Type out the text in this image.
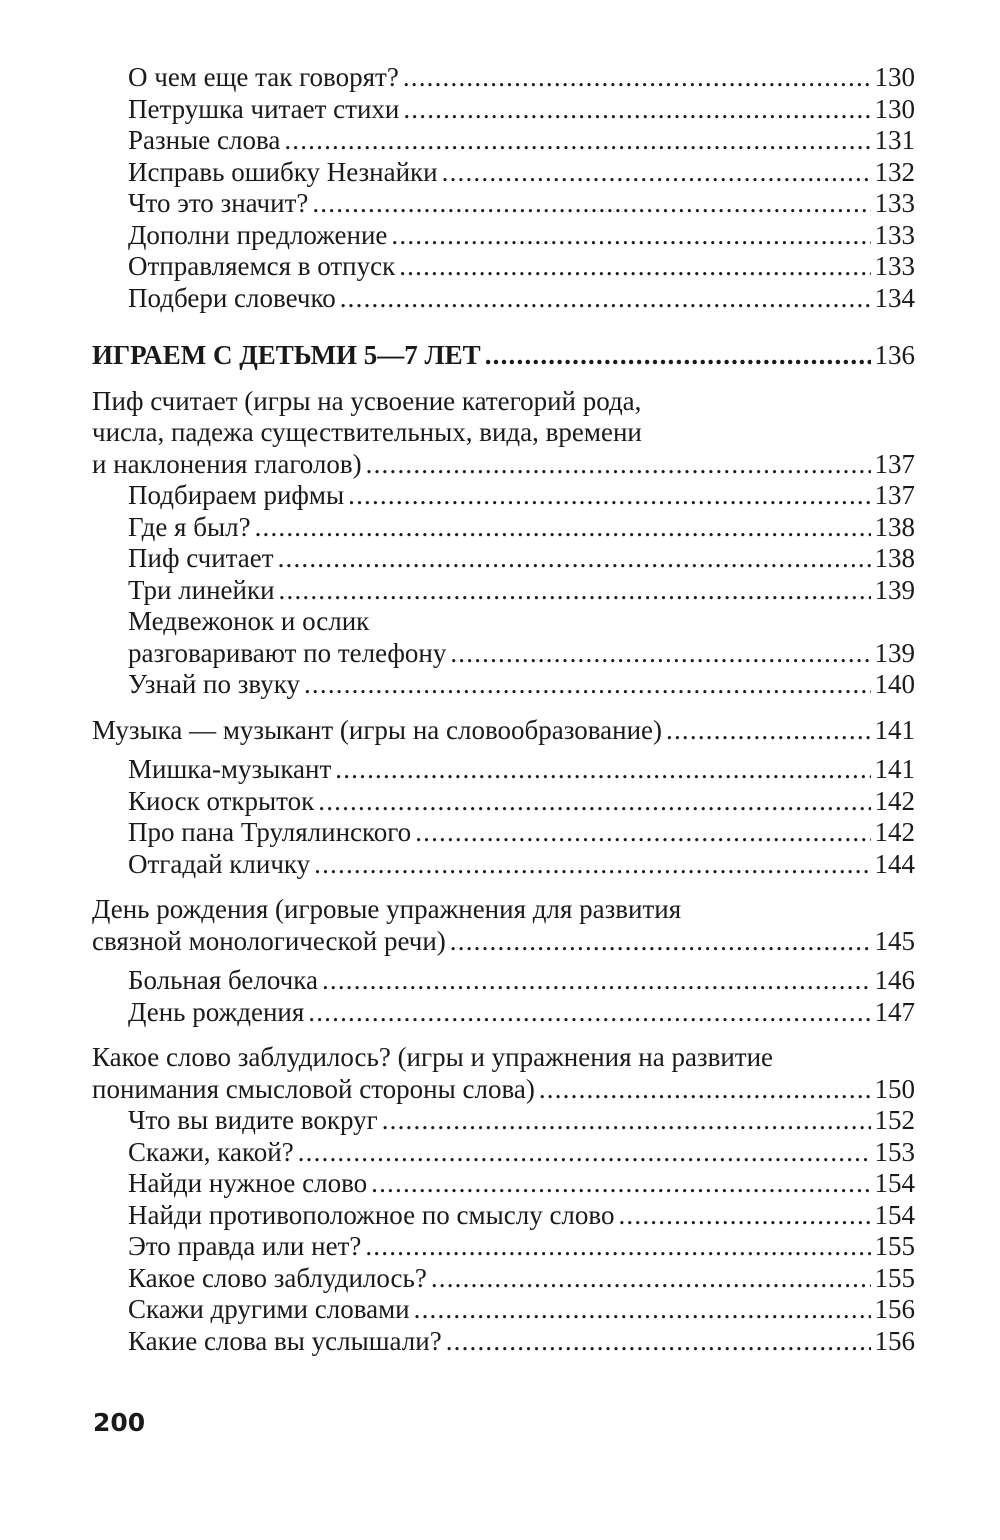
О чем еще так говорят? .....	130
Петрушка читает стихи .....	130
Разные слова .....	131
Исправь ошибку Незнайки .....	132
Что это значит? .....	133
Дополни предложение .....	133
Отправляемся в отпуск .....	133
Подбери словечко .....	134
ИГРАЕМ С ДЕТЬМИ 5—7 ЛЕТ .....	136
Пиф считает (игры на усвоение категорий рода,
числа, падежа существительных, вида, времени
и наклонения глаголов) .....	137
Подбираем рифмы .....	137
Где я был? .....	138
Пиф считает .....	138
Три линейки .....	139
Медвежонок и ослик
разговаривают по телефону .....	139
Узнай по звуку .....	140
Музыка — музыкант (игры на словообразование) .....	141
Мишка-музыкант .....	141
Киоск открыток .....	142
Про пана Трулялинского .....	142
Отгадай кличку .....	144
День рождения (игровые упражнения для развития
связной монологической речи) .....	145
Больная белочка .....	146
День рождения .....	147
Какое слово заблудилось? (игры и упражнения на развитие
понимания смысловой стороны слова) .....	150
Что вы видите вокруг .....	152
Скажи, какой? .....	153
Найди нужное слово .....	154
Найди противоположное по смыслу слово .....	154
Это правда или нет? .....	155
Какое слово заблудилось? .....	155
Скажи другими словами .....	156
Какие слова вы услышали? .....	156
200
